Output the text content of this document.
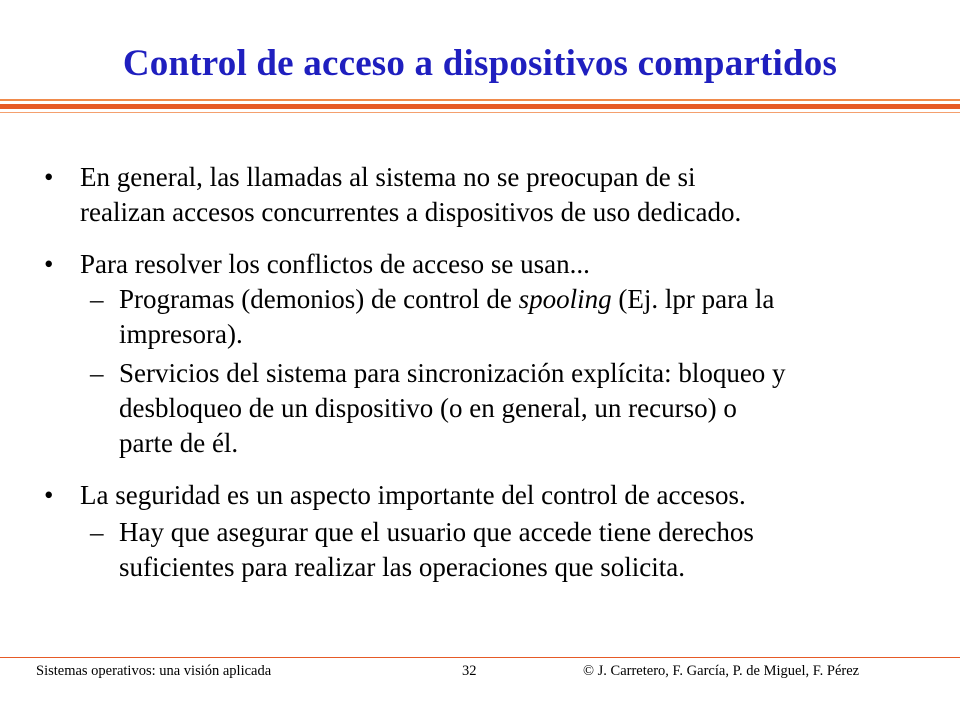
Control de acceso a dispositivos compartidos
• En general, las llamadas al sistema no se preocupan de si
realizan accesos concurrentes a dispositivos de uso dedicado.
• Para resolver los conflictos de acceso se usan...
– Programas (demonios) de control de spooling (Ej. lpr para la
impresora).
– Servicios del sistema para sincronización explícita: bloqueo y
desbloqueo de un dispositivo (o en general, un recurso) o
parte de él.
• La seguridad es un aspecto importante del control de accesos.
– Hay que asegurar que el usuario que accede tiene derechos
suficientes para realizar las operaciones que solicita.
Sistemas operativos: una visión aplicada	32	© J. Carretero, F. García, P. de Miguel, F. Pérez
